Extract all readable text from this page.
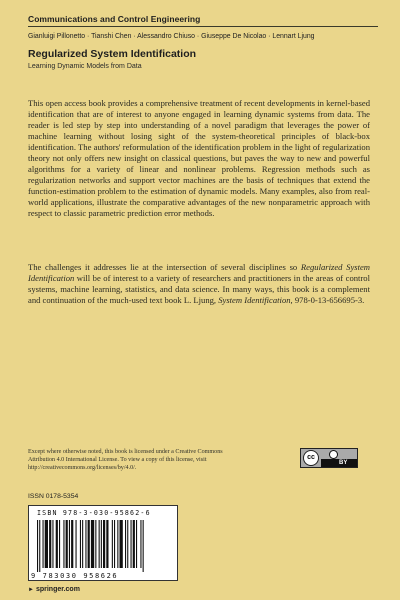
Communications and Control Engineering
Gianluigi Pillonetto · Tianshi Chen · Alessandro Chiuso · Giuseppe De Nicolao · Lennart Ljung
Regularized System Identification
Learning Dynamic Models from Data

This open access book provides a comprehensive treatment of recent developments in kernel-based identification that are of interest to anyone engaged in learning dynamic systems from data. The reader is led step by step into understanding of a novel paradigm that leverages the power of machine learning without losing sight of the system-theoretical principles of black-box identification. The authors' reformulation of the identification problem in the light of regularization theory not only offers new insight on classical questions, but paves the way to new and powerful algorithms for a variety of linear and nonlinear problems. Regression methods such as regularization networks and support vector machines are the basis of techniques that extend the function-estimation problem to the estimation of dynamic models. Many examples, also from real-world applications, illustrate the comparative advantages of the new nonparametric approach with respect to classic parametric prediction error methods.

The challenges it addresses lie at the intersection of several disciplines so Regularized System Identification will be of interest to a variety of researchers and practitioners in the areas of control systems, machine learning, statistics, and data science. In many ways, this book is a complement and continuation of the much-used text book L. Ljung, System Identification, 978-0-13-656695-3.

Except where otherwise noted, this book is licensed under a Creative Commons Attribution 4.0 International License. To view a copy of this license, visit http://creativecommons.org/licenses/by/4.0/.
cc
BY
ISSN 0178-5354
ISBN 978-3-030-95862-6
9 783030 958626
► springer.com
